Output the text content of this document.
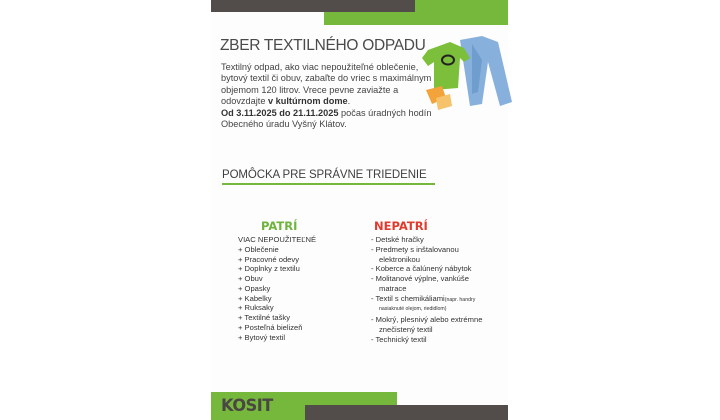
ZBER TEXTILNÉHO ODPADU
Textilný odpad, ako viac nepoužiteľné oblečenie,
bytový textil či obuv, zabaľte do vriec s maximálnym
objemom 120 litrov. Vrece pevne zaviažte a
odovzdajte v kultúrnom dome.
Od 3.11.2025 do 21.11.2025 počas úradných hodín
Obecného úradu Vyšný Klátov.
POMÔCKA PRE SPRÁVNE TRIEDENIE
PATRÍ
VIAC NEPOUŽITEĽNÉ
+ Oblečenie
+ Pracovné odevy
+ Doplnky z textilu
+ Obuv
+ Opasky
+ Kabelky
+ Ruksaky
+ Textilné tašky
+ Posteľná bielizeň
+ Bytový textil
NEPATRÍ
- Detské hračky
- Predmety s inštalovanou
elektronikou
- Koberce a čalúnený nábytok
- Molitanové výplne, vankúše
matrace
- Textil s chemikáliami(napr. handry
nasiaknuté olejom, riedidlom)
- Mokrý, plesnivý alebo extrémne
znečistený textil
- Technický textil
KOSIT
